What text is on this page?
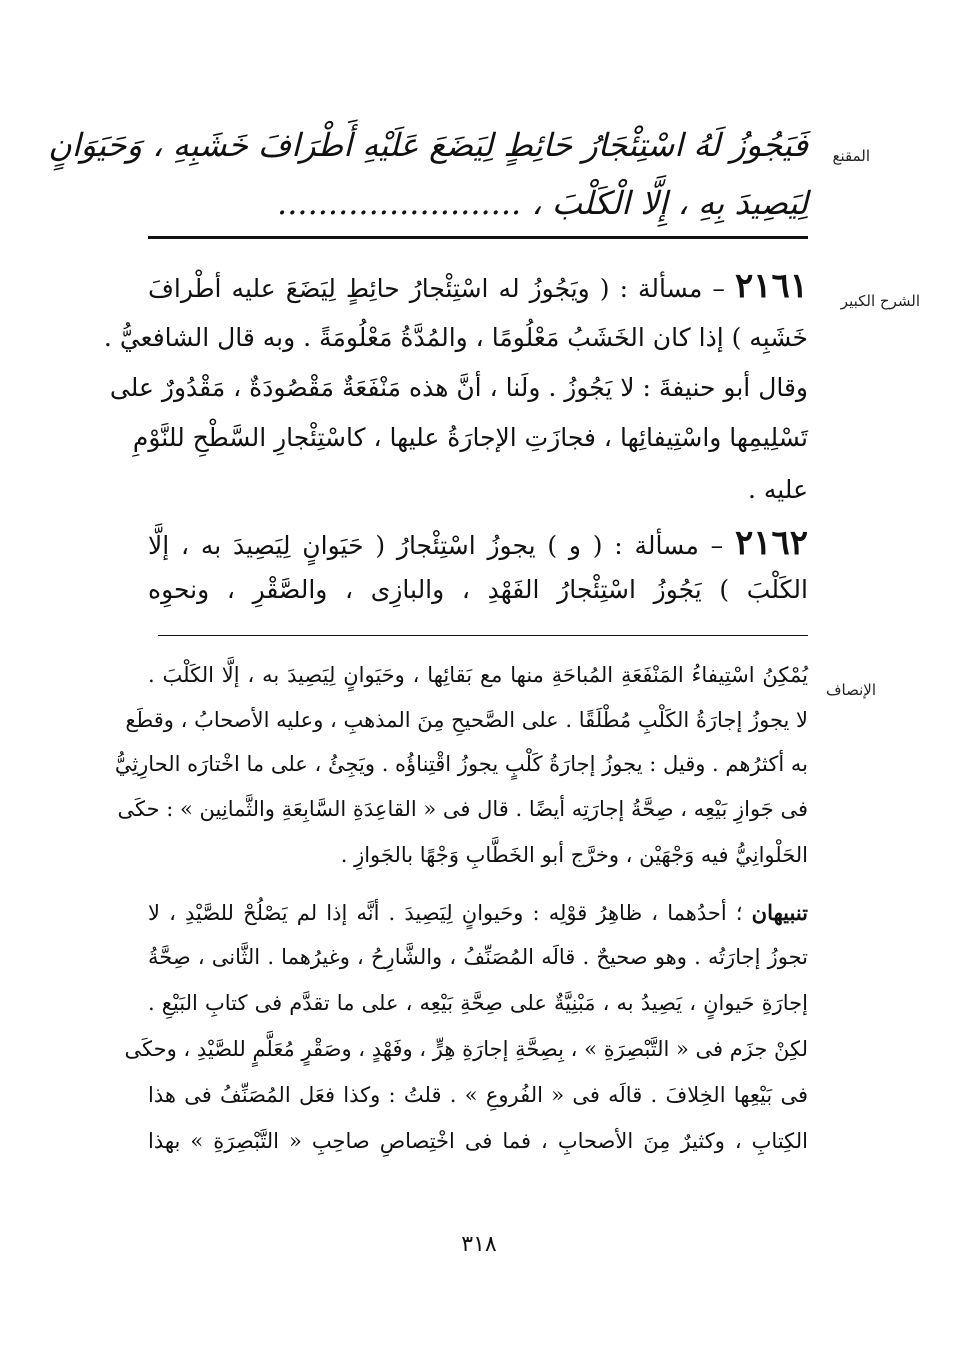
المقنع
الشرح الكبير
الإنصاف
فَيَجُوزُ لَهُ اسْتِئْجَارُ حَائِطٍ لِيَضَعَ عَلَيْهِ أَطْرَافَ خَشَبِهِ ، وَحَيَوَانٍ
لِيَصِيدَ بِهِ ، إِلَّا الْكَلْبَ ، ........................
٢١٦١ – مسألة : ( ويَجُوزُ له اسْتِئْجارُ حائِطٍ لِيَضَعَ عليه أطْرافَ
خَشَبِه ) إذا كان الخَشَبُ مَعْلُومًا ، والمُدَّةُ مَعْلُومَةً . وبه قال الشافعيُّ .
وقال أبو حنيفةَ : لا يَجُوزُ . ولَنا ، أنَّ هذه مَنْفَعَةٌ مَقْصُودَةٌ ، مَقْدُورٌ على
تَسْلِيمِها واسْتِيفائِها ، فجازَتِ الإجارَةُ عليها ، كاسْتِئْجارِ السَّطْحِ للنَّوْمِ
عليه .
٢١٦٢ – مسألة : ( و ) يجوزُ اسْتِئْجارُ ( حَيَوانٍ لِيَصِيدَ به ، إلَّا
الكَلْبَ ) يَجُوزُ اسْتِئْجارُ الفَهْدِ ، والبازِى ، والصَّقْرِ ، ونحوِه
يُمْكِنُ اسْتِيفاءُ المَنْفَعَةِ المُباحَةِ منها مع بَقائِها ، وحَيَوانٍ لِيَصِيدَ به ، إلَّا الكَلْبَ .
لا يجوزُ إجارَةُ الكَلْبِ مُطْلَقًا . على الصَّحيحِ مِنَ المذهبِ ، وعليه الأصحابُ ، وقطَع
به أكثرُهم . وقيل : يجوزُ إجارَةُ كَلْبٍ يجوزُ اقْتِناؤُه . ويَجِئُ ، على ما اخْتارَه الحارِثِيُّ
فى جَوازِ بَيْعِه ، صِحَّةُ إجارَتِه أيضًا . قال فى « القاعِدَةِ السَّابِعَةِ والثَّمانِين » : حكَى
الحَلْوانِيُّ فيه وَجْهَيْن ، وخرَّج أبو الخَطَّابِ وَجْهًا بالجَوازِ .
تنبيهان ؛ أحدُهما ، ظاهِرُ قوْلِه : وحَيوانٍ لِيَصِيدَ . أنَّه إذا لم يَصْلُحْ للصَّيْدِ ، لا
تجوزُ إجارَتُه . وهو صحيحٌ . قالَه المُصَنِّفُ ، والشَّارِحُ ، وغيرُهما . الثَّانى ، صِحَّةُ
إجارَةِ حَيوانٍ ، يَصِيدُ به ، مَبْنِيَّةٌ على صِحَّةِ بَيْعِه ، على ما تقدَّم فى كتابِ البَيْعِ .
لكِنْ جزَم فى « التَّبْصِرَةِ » ، بِصِحَّةِ إجارَةِ هِرٍّ ، وفَهْدٍ ، وصَقْرٍ مُعَلَّمٍ للصَّيْدِ ، وحكَى
فى بَيْعِها الخِلافَ . قالَه فى « الفُروعِ » . قلتُ : وكذا فعَل المُصَنِّفُ فى هذا
الكِتابِ ، وكثيرٌ مِنَ الأصحابِ ، فما فى اخْتِصاصِ صاحِبِ « التَّبْصِرَةِ » بهذا
٣١٨
